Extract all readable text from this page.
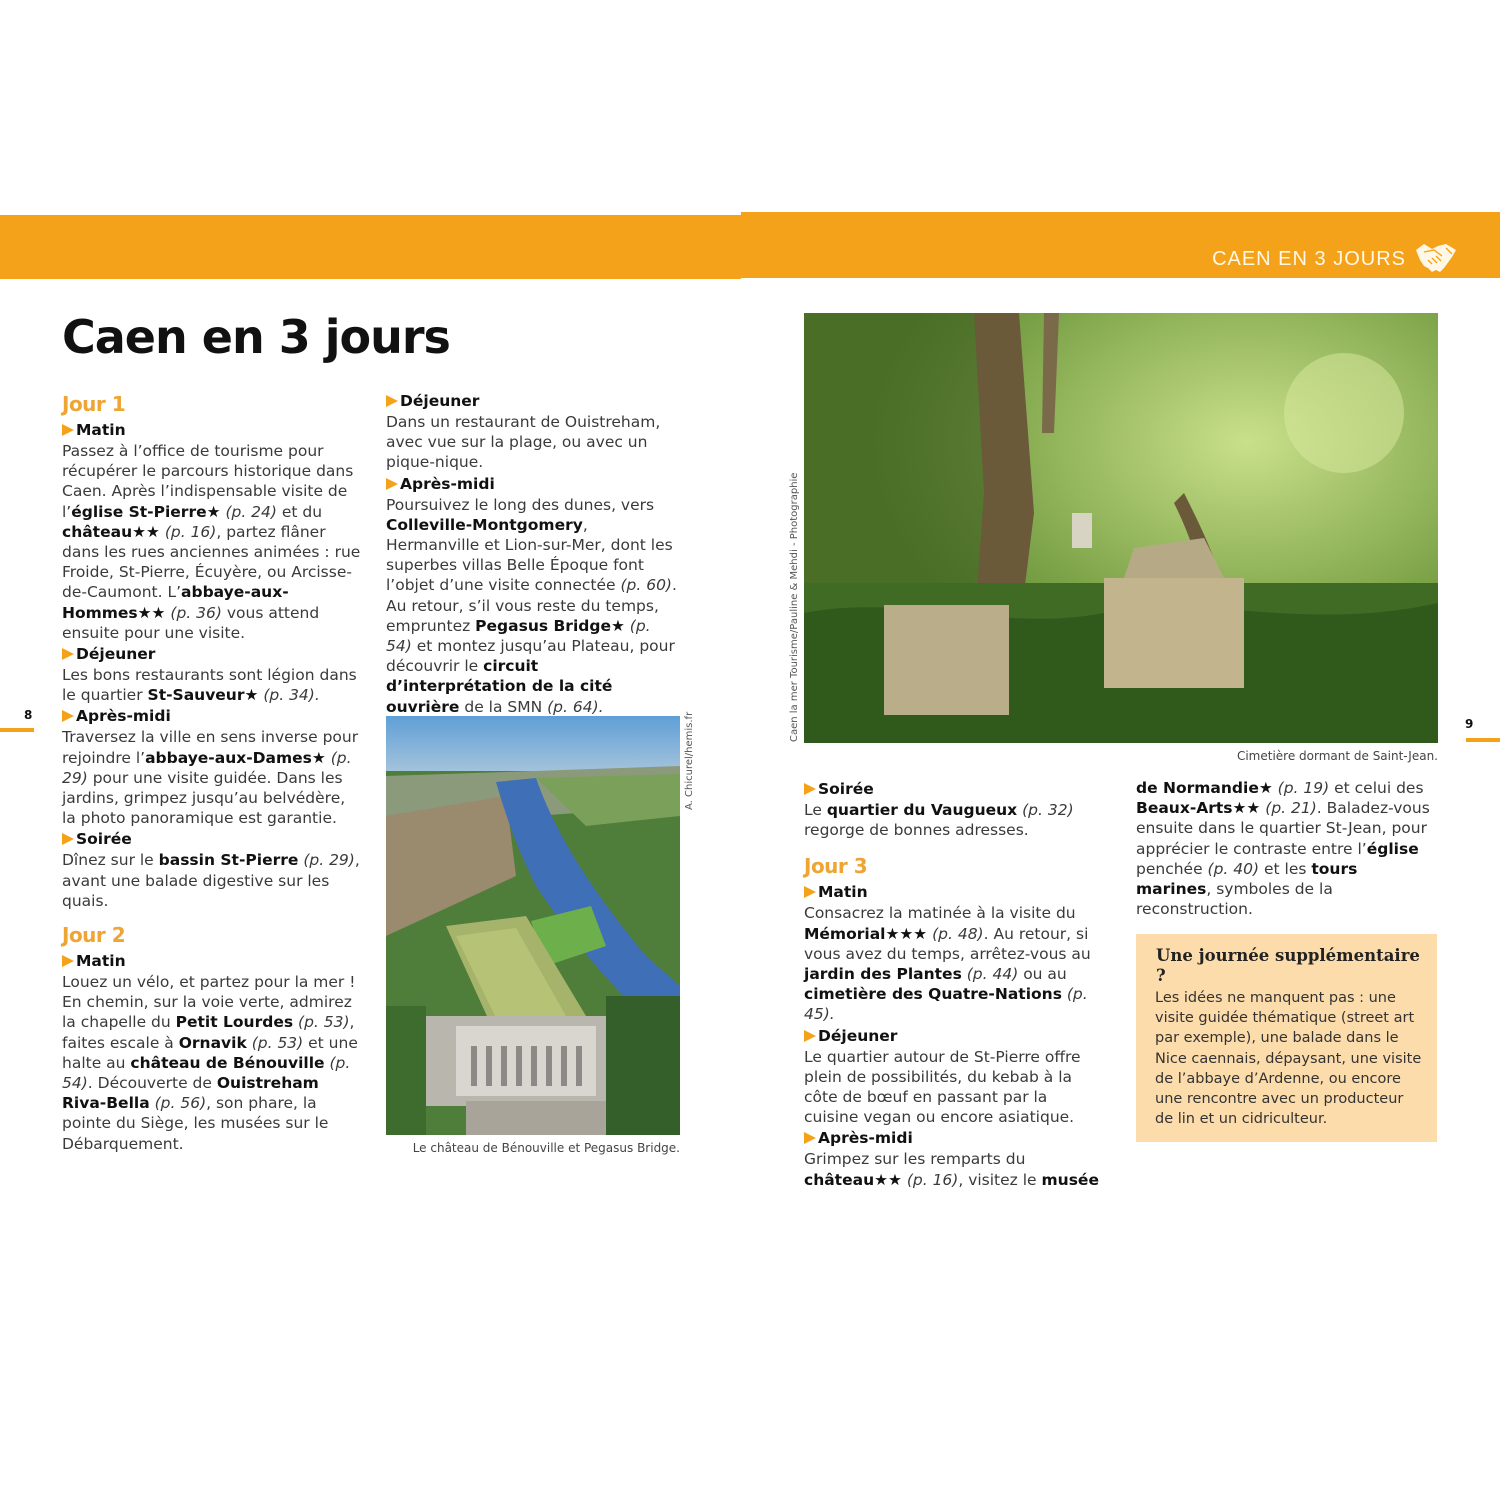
CAEN EN 3 JOURS
Caen en 3 jours
Jour 1
Matin
Passez à l’office de tourisme pour récupérer le parcours historique dans Caen. Après l’indispensable visite de l’église St-Pierre★ (p. 24) et du château★★ (p. 16), partez flâner dans les rues anciennes animées : rue Froide, St-Pierre, Écuyère, ou Arcisse-de-Caumont. L’abbaye-aux-Hommes★★ (p. 36) vous attend ensuite pour une visite.
Déjeuner
Les bons restaurants sont légion dans le quartier St-Sauveur★ (p. 34).
Après-midi
Traversez la ville en sens inverse pour rejoindre l’abbaye-aux-Dames★ (p. 29) pour une visite guidée. Dans les jardins, grimpez jusqu’au belvédère, la photo panoramique est garantie.
Soirée
Dînez sur le bassin St-Pierre (p. 29), avant une balade digestive sur les quais.
Jour 2
Matin
Louez un vélo, et partez pour la mer ! En chemin, sur la voie verte, admirez la chapelle du Petit Lourdes (p. 53), faites escale à Ornavik (p. 53) et une halte au château de Bénouville (p. 54). Découverte de Ouistreham Riva-Bella (p. 56), son phare, la pointe du Siège, les musées sur le Débarquement.
Déjeuner
Dans un restaurant de Ouistreham, avec vue sur la plage, ou avec un pique-nique.
Après-midi
Poursuivez le long des dunes, vers Colleville-Montgomery, Hermanville et Lion-sur-Mer, dont les superbes villas Belle Époque font l’objet d’une visite connectée (p. 60). Au retour, s’il vous reste du temps, empruntez Pegasus Bridge★ (p. 54) et montez jusqu’au Plateau, pour découvrir le circuit d’interprétation de la cité ouvrière de la SMN (p. 64).
A. Chicurel/hemis.fr
Le château de Bénouville et Pegasus Bridge.
Caen la mer Tourisme/Pauline & Mehdi - Photographie
Cimetière dormant de Saint-Jean.
Soirée
Le quartier du Vaugueux (p. 32) regorge de bonnes adresses.
Jour 3
Matin
Consacrez la matinée à la visite du Mémorial★★★ (p. 48). Au retour, si vous avez du temps, arrêtez-vous au jardin des Plantes (p. 44) ou au cimetière des Quatre-Nations (p. 45).
Déjeuner
Le quartier autour de St-Pierre offre plein de possibilités, du kebab à la côte de bœuf en passant par la cuisine vegan ou encore asiatique.
Après-midi
Grimpez sur les remparts du château★★ (p. 16), visitez le musée
de Normandie★ (p. 19) et celui des Beaux-Arts★★ (p. 21). Baladez-vous ensuite dans le quartier St-Jean, pour apprécier le contraste entre l’église penchée (p. 40) et les tours marines, symboles de la reconstruction.
Une journée supplémentaire ?
Les idées ne manquent pas : une visite guidée thématique (street art par exemple), une balade dans le Nice caennais, dépaysant, une visite de l’abbaye d’Ardenne, ou encore une rencontre avec un producteur de lin et un cidriculteur.
8
9
